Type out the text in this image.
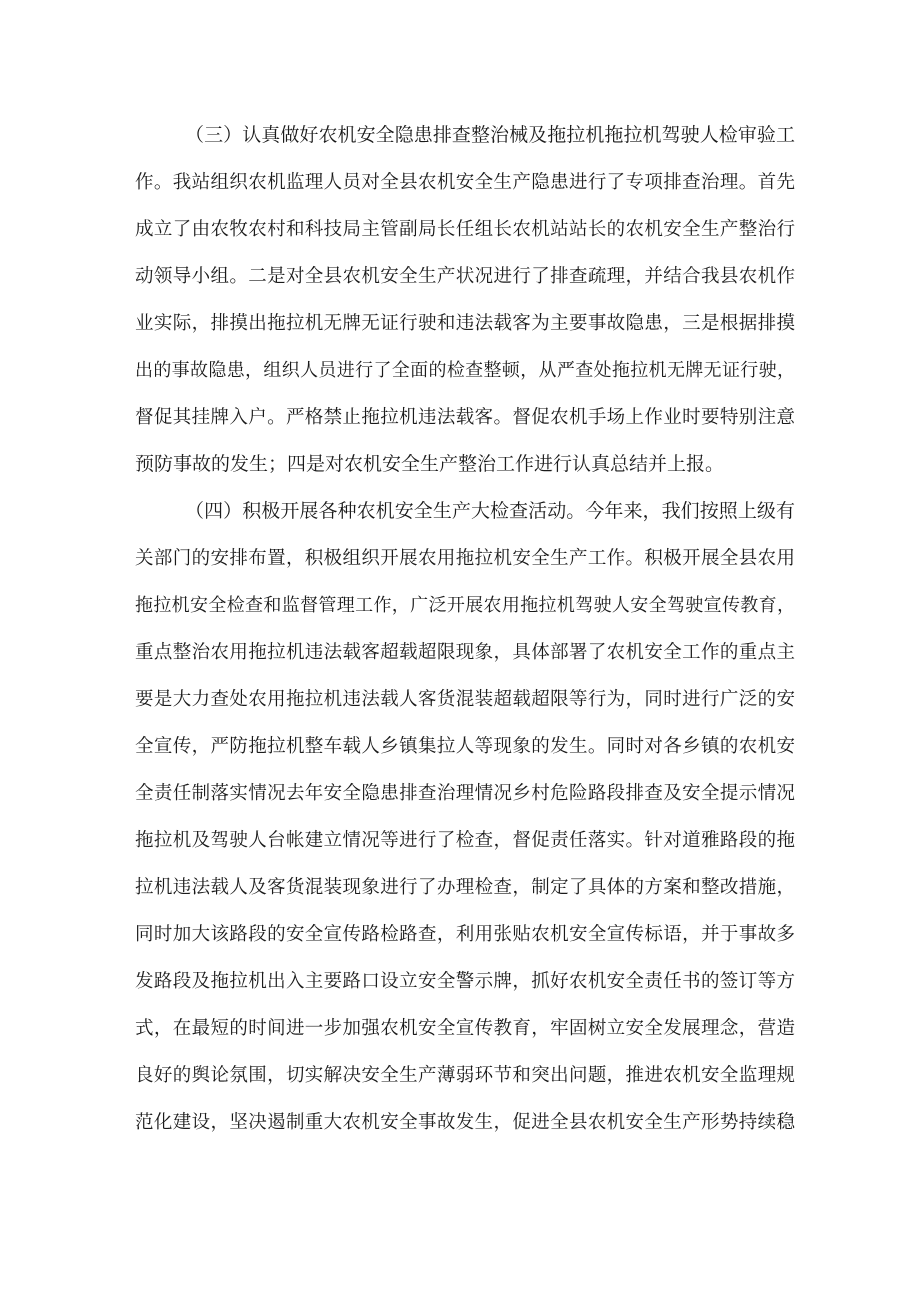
（三）认真做好农机安全隐患排查整治械及拖拉机拖拉机驾驶人检审验工
作。我站组织农机监理人员对全县农机安全生产隐患进行了专项排查治理。首先
成立了由农牧农村和科技局主管副局长任组长农机站站长的农机安全生产整治行
动领导小组。二是对全县农机安全生产状况进行了排查疏理，并结合我县农机作
业实际，排摸出拖拉机无牌无证行驶和违法载客为主要事故隐患，三是根据排摸
出的事故隐患，组织人员进行了全面的检查整顿，从严查处拖拉机无牌无证行驶，
督促其挂牌入户。严格禁止拖拉机违法载客。督促农机手场上作业时要特别注意
预防事故的发生；四是对农机安全生产整治工作进行认真总结并上报。
（四）积极开展各种农机安全生产大检查活动。今年来，我们按照上级有
关部门的安排布置，积极组织开展农用拖拉机安全生产工作。积极开展全县农用
拖拉机安全检查和监督管理工作，广泛开展农用拖拉机驾驶人安全驾驶宣传教育，
重点整治农用拖拉机违法载客超载超限现象，具体部署了农机安全工作的重点主
要是大力查处农用拖拉机违法载人客货混装超载超限等行为，同时进行广泛的安
全宣传，严防拖拉机整车载人乡镇集拉人等现象的发生。同时对各乡镇的农机安
全责任制落实情况去年安全隐患排查治理情况乡村危险路段排查及安全提示情况
拖拉机及驾驶人台帐建立情况等进行了检查，督促责任落实。针对道雅路段的拖
拉机违法载人及客货混装现象进行了办理检查，制定了具体的方案和整改措施，
同时加大该路段的安全宣传路检路查，利用张贴农机安全宣传标语，并于事故多
发路段及拖拉机出入主要路口设立安全警示牌，抓好农机安全责任书的签订等方
式，在最短的时间进一步加强农机安全宣传教育，牢固树立安全发展理念，营造
良好的舆论氛围，切实解决安全生产薄弱环节和突出问题，推进农机安全监理规
范化建设，坚决遏制重大农机安全事故发生，促进全县农机安全生产形势持续稳
